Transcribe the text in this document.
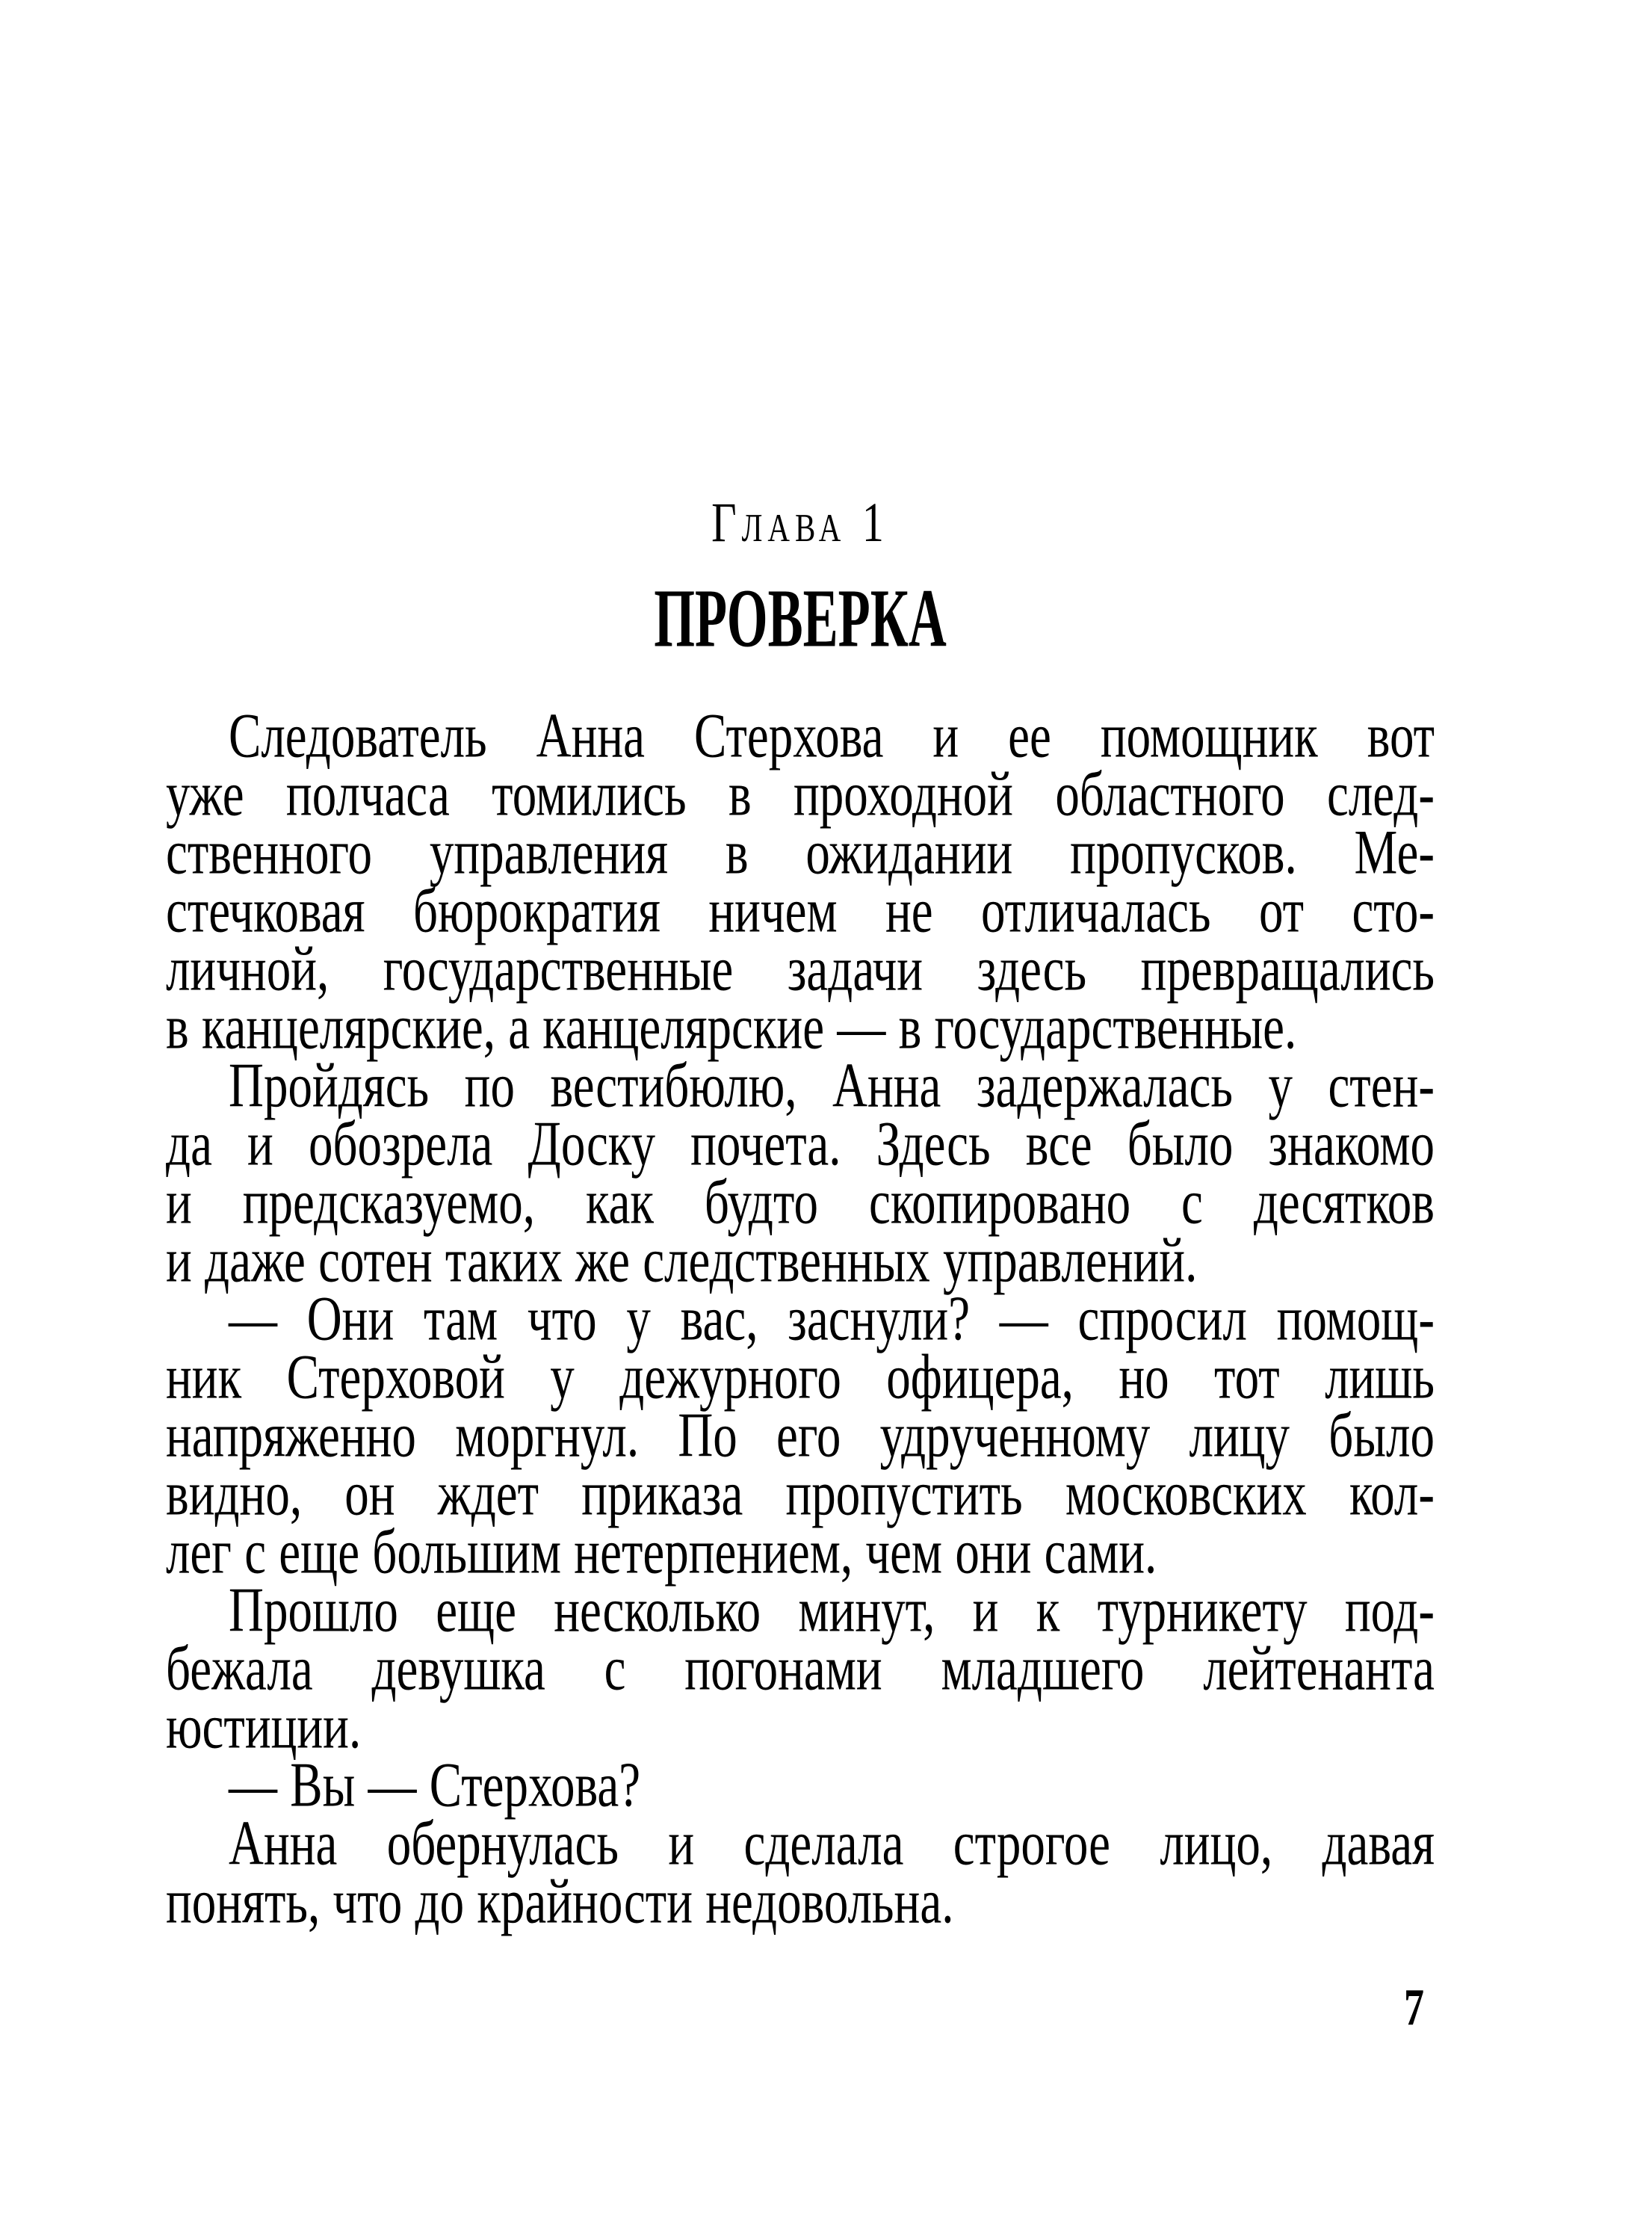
Глава 1
ПРОВЕРКА
Следователь Анна Стерхова и ее помощник вот
уже полчаса томились в проходной областного след-
ственного управления в ожидании пропусков. Ме-
стечковая бюрократия ничем не отличалась от сто-
личной, государственные задачи здесь превращались
в канцелярские, а канцелярские — в государственные.
Пройдясь по вестибюлю, Анна задержалась у стен-
да и обозрела Доску почета. Здесь все было знакомо
и предсказуемо, как будто скопировано с десятков
и даже сотен таких же следственных управлений.
— Они там что у вас, заснули? — спросил помощ-
ник Стерховой у дежурного офицера, но тот лишь
напряженно моргнул. По его удрученному лицу было
видно, он ждет приказа пропустить московских кол-
лег с еще большим нетерпением, чем они сами.
Прошло еще несколько минут, и к турникету под-
бежала девушка с погонами младшего лейтенанта
юстиции.
— Вы — Стерхова?
Анна обернулась и сделала строгое лицо, давая
понять, что до крайности недовольна.
7
